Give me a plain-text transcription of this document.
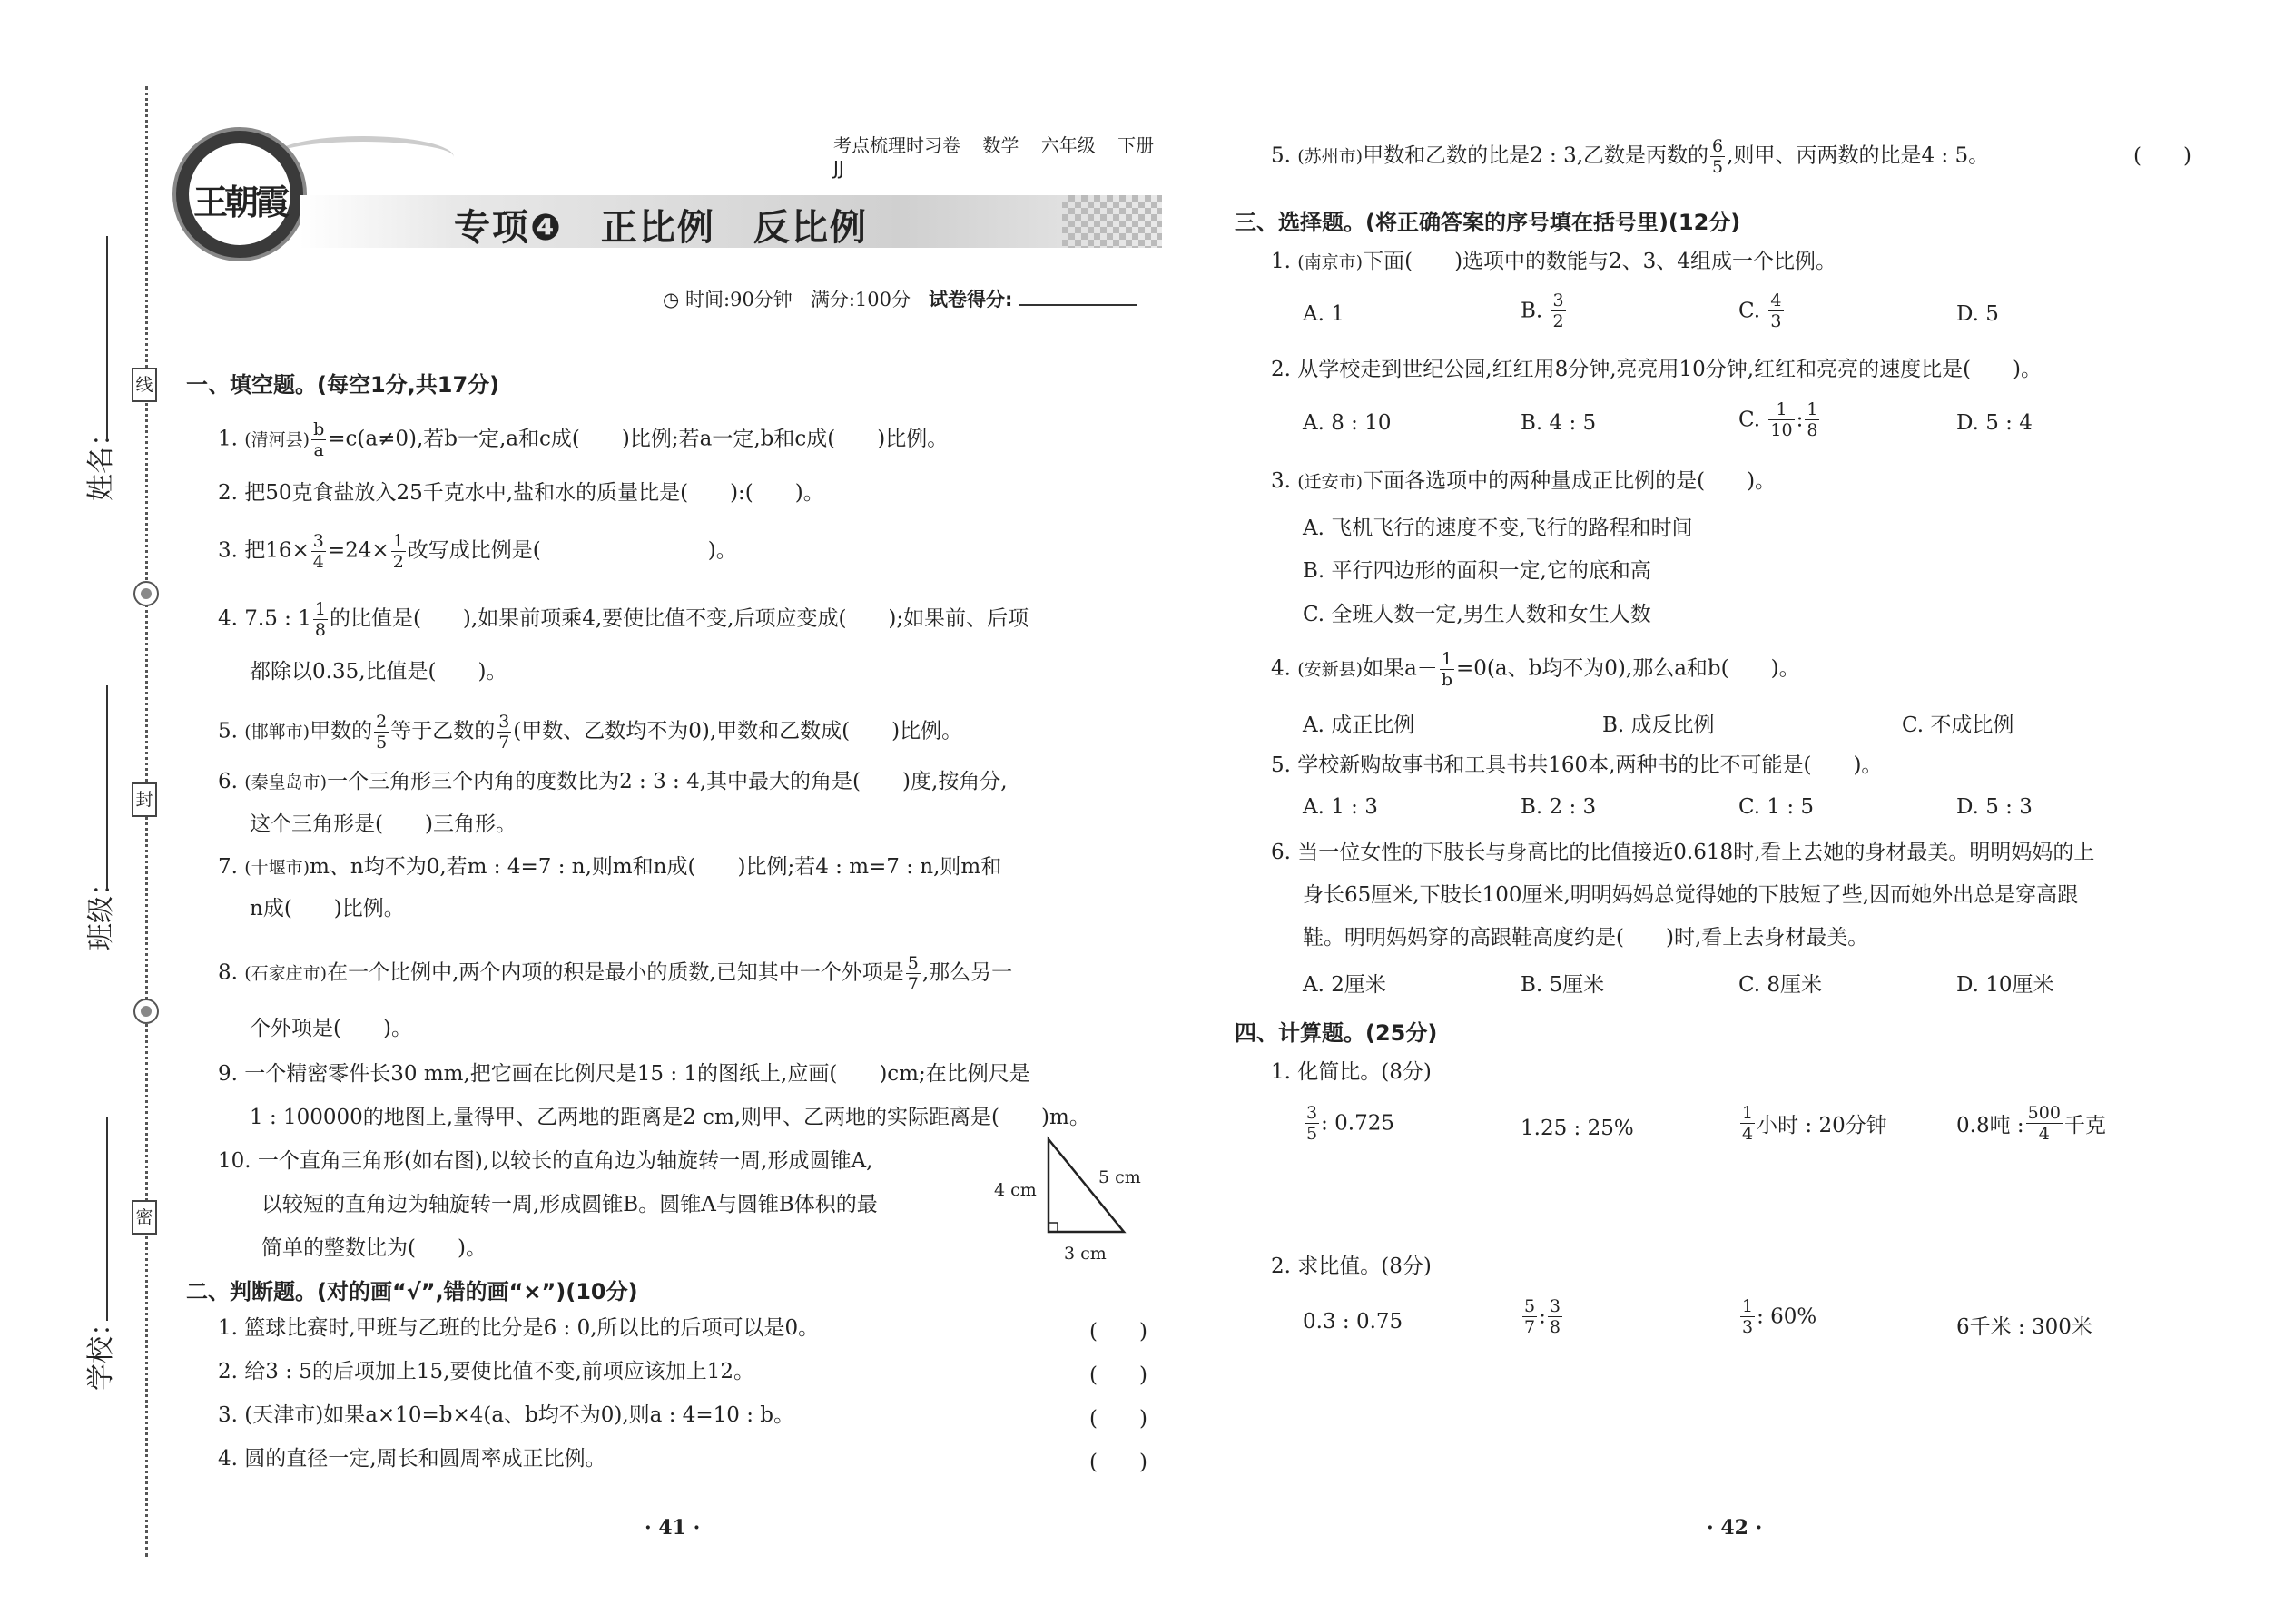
线
封
密
姓名：
班级：
学校：
王朝霞
考点梳理时习卷 数学 六年级 下册 JJ
专项❹　正比例　反比例
◷ 时间:90分钟 满分:100分 试卷得分:
一、填空题。(每空1分,共17分)
1. (清河县) $\frac{b}{a} =c(a\ne 0)$,若b一定,a和c成(　　)比例;若a一定,b和c成(　　)比例。
2. 把50克食盐放入25千克水中,盐和水的质量比是(　　):(　　)。
3. 把$16\times \frac{3}{4} =24\times \frac{1}{2}$ 改写成比例是(　　　　　　　　)。
4. 7.5 : $1 \frac{1}{8}$ 的比值是(　　),如果前项乘4,要使比值不变,后项应变成(　　);如果前、后项
都除以0.35,比值是(　　)。
5. (邯郸市)甲数的 $\frac{2}{5}$ 等于乙数的 $\frac{3}{7}$ (甲数、乙数均不为0),甲数和乙数成(　　)比例。
6. (秦皇岛市)一个三角形三个内角的度数比为2 : 3 : 4,其中最大的角是(　　)度,按角分,
这个三角形是(　　)三角形。
7. (十堰市)m、n均不为0,若m : 4=7 : n,则m和n成(　　)比例;若4 : m=7 : n,则m和
n成(　　)比例。
8. (石家庄市)在一个比例中,两个内项的积是最小的质数,已知其中一个外项是 $\frac{5}{7}$ ,那么另一
个外项是(　　)。
9. 一个精密零件长30 mm,把它画在比例尺是15 : 1的图纸上,应画(　　)cm;在比例尺是
1 : 100000的地图上,量得甲、乙两地的距离是2 cm,则甲、乙两地的实际距离是(　　)m。
10. 一个直角三角形(如右图),以较长的直角边为轴旋转一周,形成圆锥A,
以较短的直角边为轴旋转一周,形成圆锥B。圆锥A与圆锥B体积的最
简单的整数比为(　　)。
4 cm
5 cm
3 cm
二、判断题。(对的画“√”,错的画“×”)(10分)
1. 篮球比赛时,甲班与乙班的比分是6 : 0,所以比的后项可以是0。	(　　)
2. 给3 : 5的后项加上15,要使比值不变,前项应该加上12。	(　　)
3. (天津市)如果a×10=b×4(a、b均不为0),则a : 4=10 : b。	(　　)
4. 圆的直径一定,周长和圆周率成正比例。	(　　)
· 41 ·
5. (苏州市)甲数和乙数的比是2 : 3,乙数是丙数的 $\frac{6}{5}$ ,则甲、丙两数的比是4 : 5。	(　　)
三、选择题。(将正确答案的序号填在括号里)(12分)
1. (南京市)下面(　　)选项中的数能与2、3、4组成一个比例。
A. 1	B. $\frac{3}{2}$	C. $\frac{4}{3}$	D. 5
2. 从学校走到世纪公园,红红用8分钟,亮亮用10分钟,红红和亮亮的速度比是(　　)。
A. 8 : 10	B. 4 : 5	C. $\frac{1}{10}$ : $\frac{1}{8}$	D. 5 : 4
3. (迁安市)下面各选项中的两种量成正比例的是(　　)。
A. 飞机飞行的速度不变,飞行的路程和时间
B. 平行四边形的面积一定,它的底和高
C. 全班人数一定,男生人数和女生人数
4. (安新县)如果$a- \frac{1}{b} =0(a$、b均不为0),那么a和b(　　)。
A. 成正比例	B. 成反比例	C. 不成比例
5. 学校新购故事书和工具书共160本,两种书的比不可能是(　　)。
A. 1 : 3	B. 2 : 3	C. 1 : 5	D. 5 : 3
6. 当一位女性的下肢长与身高比的比值接近0.618时,看上去她的身材最美。明明妈妈的上
身长65厘米,下肢长100厘米,明明妈妈总觉得她的下肢短了些,因而她外出总是穿高跟
鞋。明明妈妈穿的高跟鞋高度约是(　　)时,看上去身材最美。
A. 2厘米	B. 5厘米	C. 8厘米	D. 10厘米
四、计算题。(25分)
1. 化简比。(8分)
$\frac{3}{5}$ : 0.725	1.25 : 25%	$\frac{1}{4}$ 小时 : 20分钟	0.8吨 : $\frac{500}{4}$ 千克
2. 求比值。(8分)
0.3 : 0.75	$\frac{5}{7}$ : $\frac{3}{8}$	$\frac{1}{3}$ : 60%	6千米 : 300米
· 42 ·
